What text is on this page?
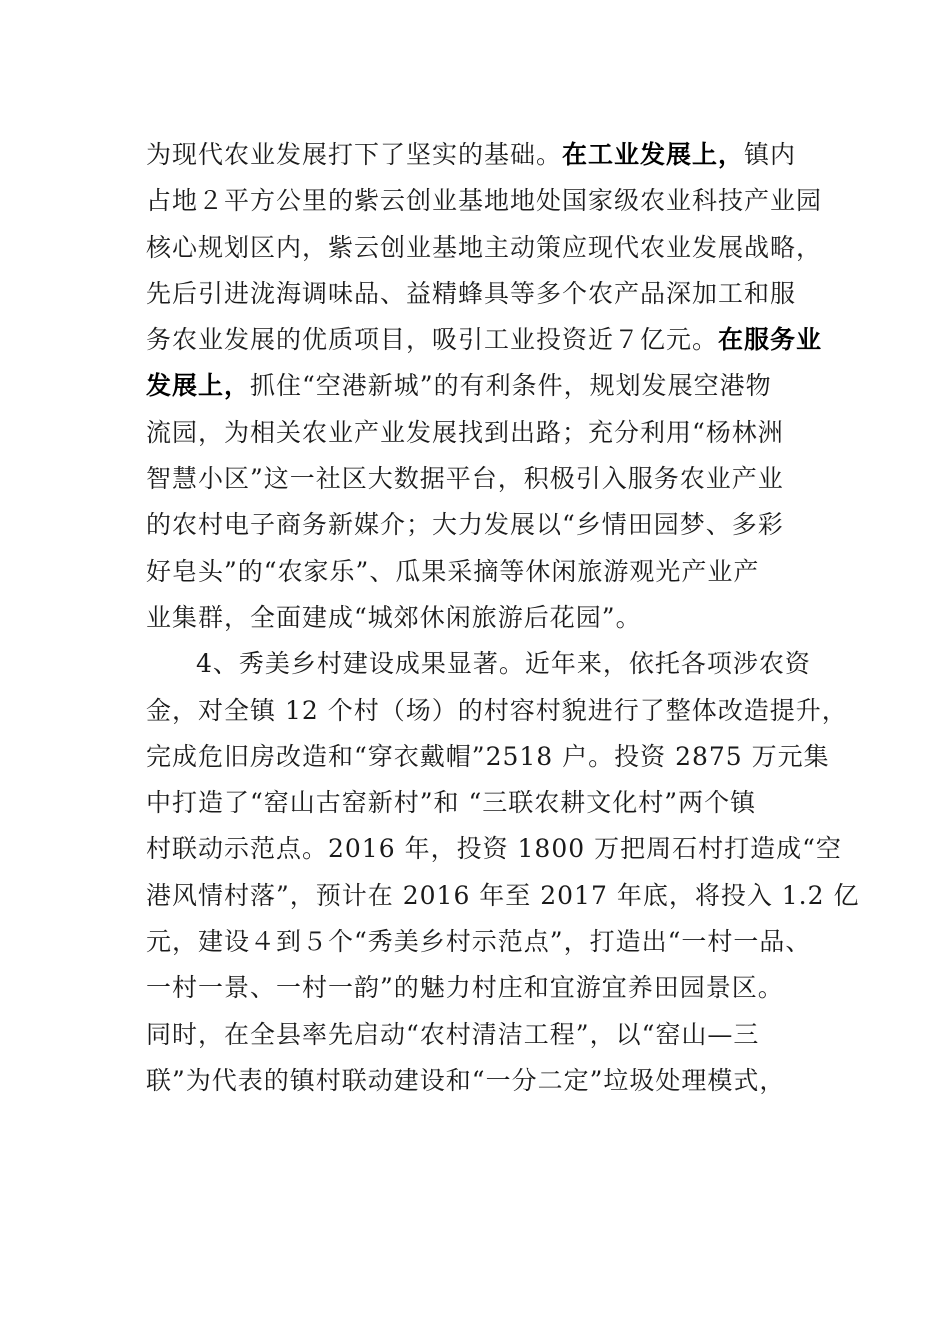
为现代农业发展打下了坚实的基础。在工业发展上，镇内
占地２平方公里的紫云创业基地地处国家级农业科技产业园
核心规划区内，紫云创业基地主动策应现代农业发展战略，
先后引进泷海调味品、益精蜂具等多个农产品深加工和服
务农业发展的优质项目，吸引工业投资近７亿元。在服务业
发展上，抓住“空港新城”的有利条件，规划发展空港物
流园，为相关农业产业发展找到出路；充分利用“杨林洲
智慧小区”这一社区大数据平台，积极引入服务农业产业
的农村电子商务新媒介；大力发展以“乡情田园梦、多彩
好皂头”的“农家乐”、瓜果采摘等休闲旅游观光产业产
业集群，全面建成“城郊休闲旅游后花园”。
4、秀美乡村建设成果显著。近年来，依托各项涉农资
金，对全镇 12 个村（场）的村容村貌进行了整体改造提升，
完成危旧房改造和“穿衣戴帽”2518 户。投资 2875 万元集
中打造了“窑山古窑新村”和 “三联农耕文化村”两个镇
村联动示范点。2016 年，投资 1800 万把周石村打造成“空
港风情村落”，预计在 2016 年至 2017 年底，将投入 1.2 亿
元，建设４到５个“秀美乡村示范点”，打造出“一村一品、
一村一景、一村一韵”的魅力村庄和宜游宜养田园景区。
同时，在全县率先启动“农村清洁工程”，以“窑山—三
联”为代表的镇村联动建设和“一分二定”垃圾处理模式，
